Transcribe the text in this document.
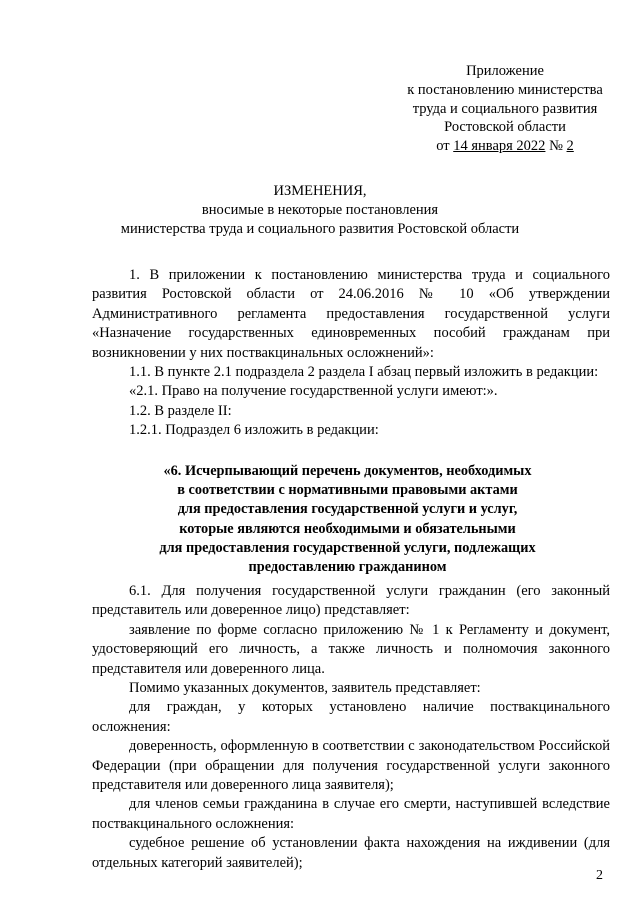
Приложение
к постановлению министерства
труда и социального развития
Ростовской области
от 14 января 2022 № 2
ИЗМЕНЕНИЯ,
вносимые в некоторые постановления
министерства труда и социального развития Ростовской области

1. В приложении к постановлению министерства труда и социального развития Ростовской области от 24.06.2016 № 10 «Об утверждении Административного регламента предоставления государственной услуги «Назначение государственных единовременных пособий гражданам при возникновении у них поствакцинальных осложнений»:

1.1. В пункте 2.1 подраздела 2 раздела I абзац первый изложить в редакции:

«2.1. Право на получение государственной услуги имеют:».

1.2. В разделе II:

1.2.1. Подраздел 6 изложить в редакции:

«6. Исчерпывающий перечень документов, необходимых
в соответствии с нормативными правовыми актами
для предоставления государственной услуги и услуг,
которые являются необходимыми и обязательными
для предоставления государственной услуги, подлежащих
предоставлению гражданином

6.1. Для получения государственной услуги гражданин (его законный представитель или доверенное лицо) представляет:

заявление по форме согласно приложению № 1 к Регламенту и документ, удостоверяющий его личность, а также личность и полномочия законного представителя или доверенного лица.

Помимо указанных документов, заявитель представляет:

для граждан, у которых установлено наличие поствакцинального осложнения:

доверенность, оформленную в соответствии с законодательством Российской Федерации (при обращении для получения государственной услуги законного представителя или доверенного лица заявителя);

для членов семьи гражданина в случае его смерти, наступившей вследствие поствакцинального осложнения:

судебное решение об установлении факта нахождения на иждивении (для отдельных категорий заявителей);

2
